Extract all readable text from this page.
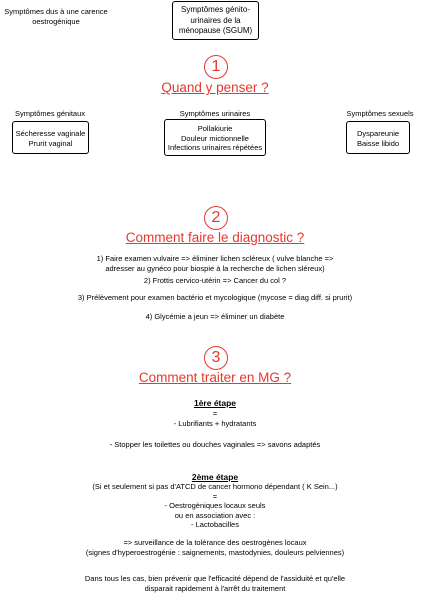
Symptômes dus à une carence
oestrogénique
Symptômes génito-
urinaires de la
ménopause (SGUM)
1
Quand y penser ?
Symptômes génitaux	Symptômes urinaires	Symptômes sexuels
Sécheresse vaginale
Prurit vaginal
Pollakiurie
Douleur mictionnelle
Infections urinaires répétées
Dyspareunie
Baisse libido
2
Comment faire le diagnostic ?
1) Faire examen vulvaire => éliminer lichen scléreux ( vulve blanche =>
adresser au gynéco pour biospie à la recherche de lichen sléreux)
2) Frottis cervico-utérin => Cancer du col ?
3) Prélèvement pour examen bactério et mycologique (mycose = diag diff. si prurit)
4) Glycémie a jeun => éliminer un diabète
3
Comment traiter en MG ?
1ère étape
=
- Lubrifiants + hydratants
- Stopper les toilettes ou douches vaginales => savons adaptés
2ème étape
(Si et seulement si pas d'ATCD de cancer hormono dépendant ( K Sein...)
=
- Oestrogèniques locaux seuls
ou en association avec :
- Lactobacilles
=> surveillance de la tolérance des oestrogènes locaux
(signes d'hyperoestrogénie : saignements, mastodynies, douleurs pelviennes)
Dans tous les cas, bien prévenir que l'efficacité dépend de l'assiduité et qu'elle
disparait rapidement à l'arrêt du traitement
